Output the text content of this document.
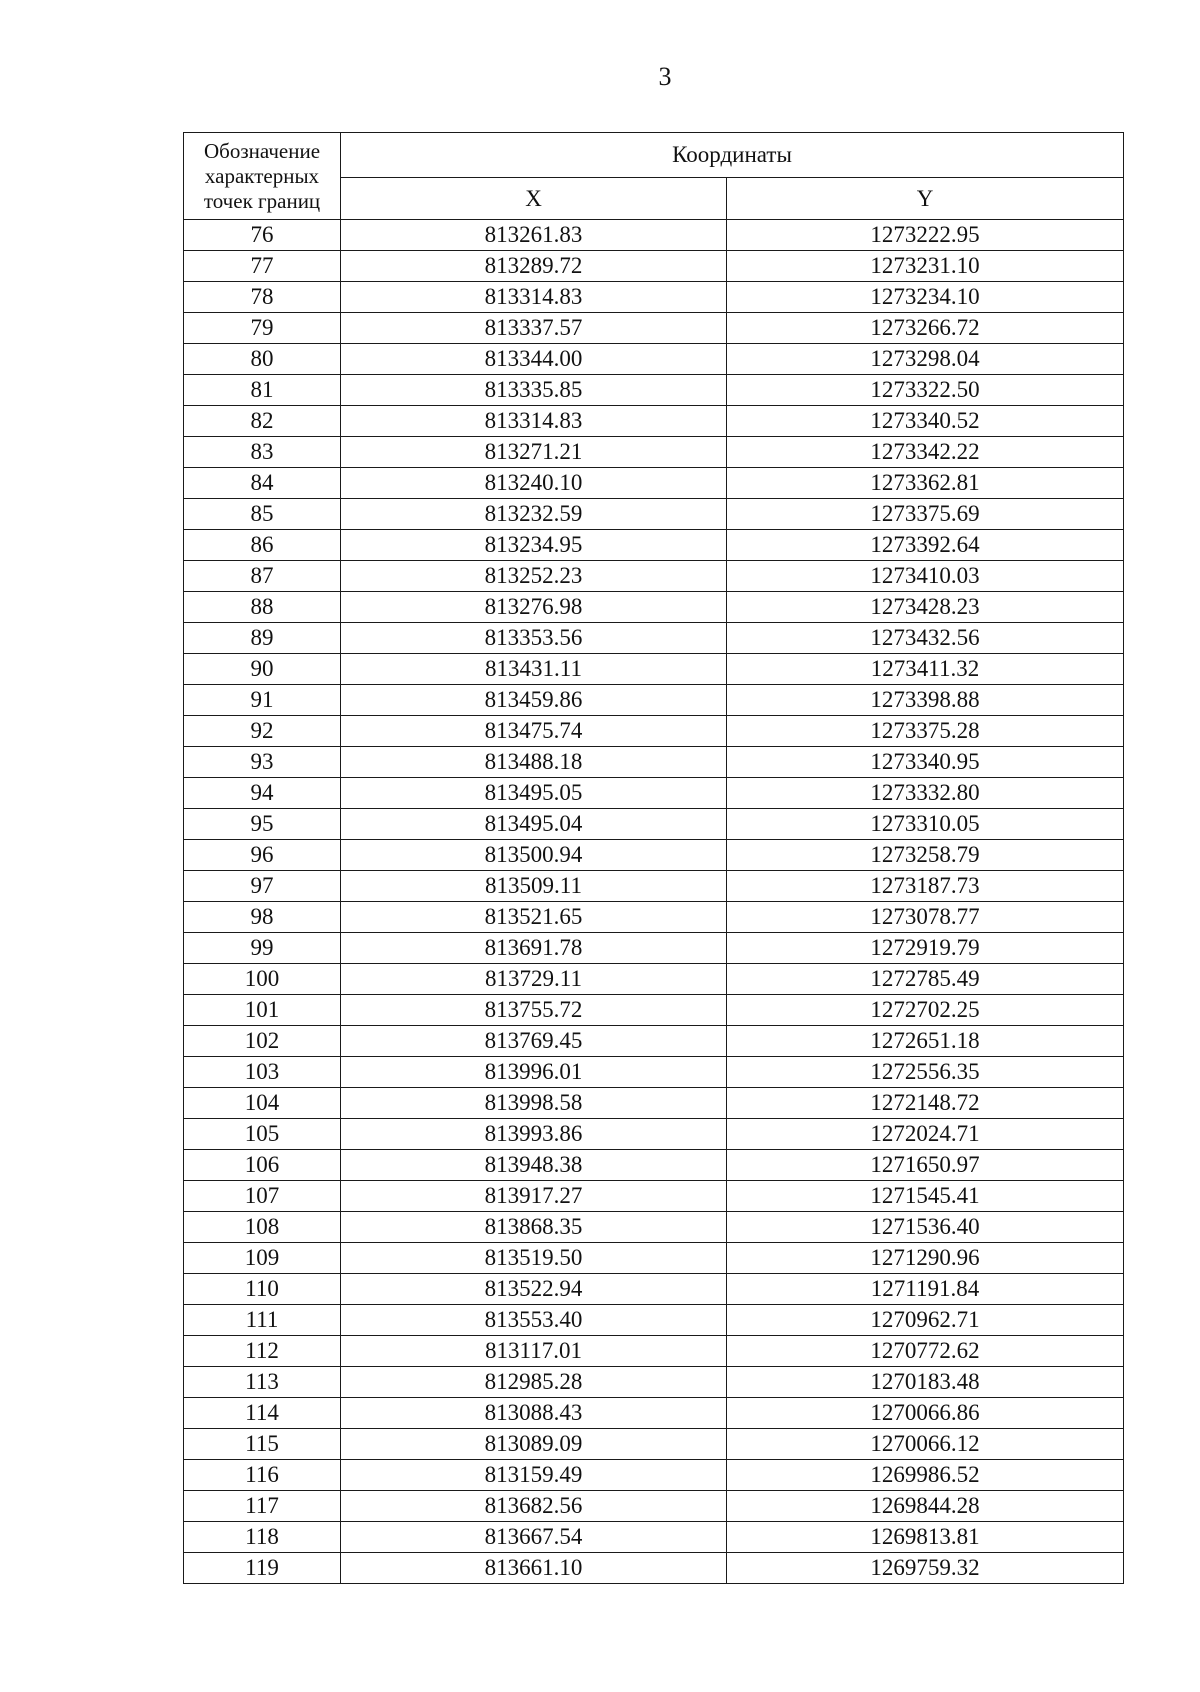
3
Обозначение характерных точек границ	Координаты	
	X	Y
76	813261.83	1273222.95
77	813289.72	1273231.10
78	813314.83	1273234.10
79	813337.57	1273266.72
80	813344.00	1273298.04
81	813335.85	1273322.50
82	813314.83	1273340.52
83	813271.21	1273342.22
84	813240.10	1273362.81
85	813232.59	1273375.69
86	813234.95	1273392.64
87	813252.23	1273410.03
88	813276.98	1273428.23
89	813353.56	1273432.56
90	813431.11	1273411.32
91	813459.86	1273398.88
92	813475.74	1273375.28
93	813488.18	1273340.95
94	813495.05	1273332.80
95	813495.04	1273310.05
96	813500.94	1273258.79
97	813509.11	1273187.73
98	813521.65	1273078.77
99	813691.78	1272919.79
100	813729.11	1272785.49
101	813755.72	1272702.25
102	813769.45	1272651.18
103	813996.01	1272556.35
104	813998.58	1272148.72
105	813993.86	1272024.71
106	813948.38	1271650.97
107	813917.27	1271545.41
108	813868.35	1271536.40
109	813519.50	1271290.96
110	813522.94	1271191.84
111	813553.40	1270962.71
112	813117.01	1270772.62
113	812985.28	1270183.48
114	813088.43	1270066.86
115	813089.09	1270066.12
116	813159.49	1269986.52
117	813682.56	1269844.28
118	813667.54	1269813.81
119	813661.10	1269759.32
